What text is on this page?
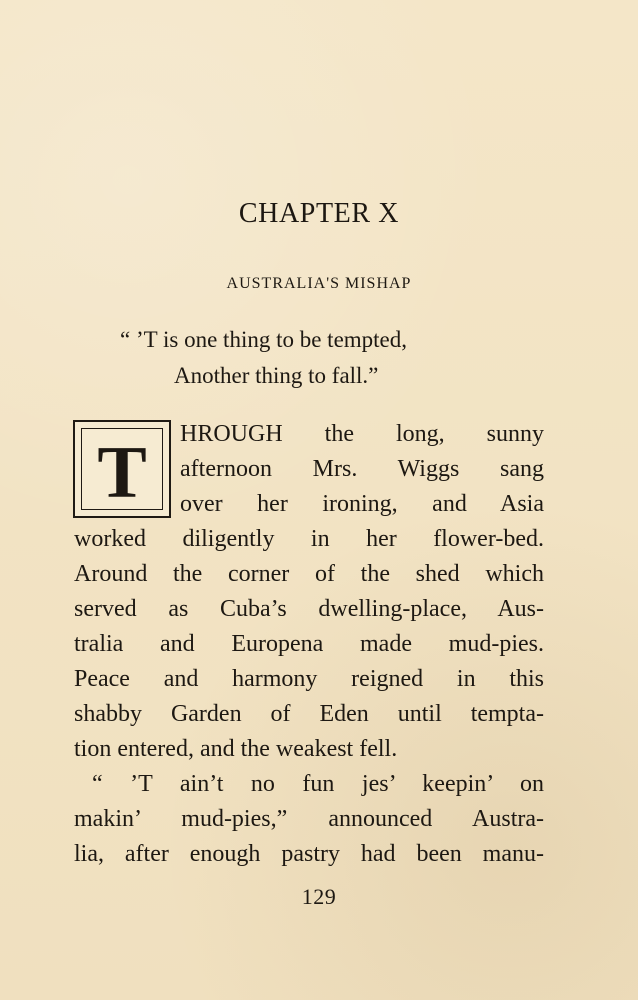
CHAPTER X
AUSTRALIA'S MISHAP
“ ’T is one thing to be tempted,
Another thing to fall.”
T	HROUGH the long, sunny
afternoon Mrs. Wiggs sang
over her ironing, and Asia
worked diligently in her flower-bed.
Around the corner of the shed which
served as Cuba’s dwelling-place, Aus-
tralia and Europena made mud-pies.
Peace and harmony reigned in this
shabby Garden of Eden until tempta-
tion entered, and the weakest fell.
“ ’T ain’t no fun jes’ keepin’ on
makin’ mud-pies,” announced Austra-
lia, after enough pastry had been manu-
129
